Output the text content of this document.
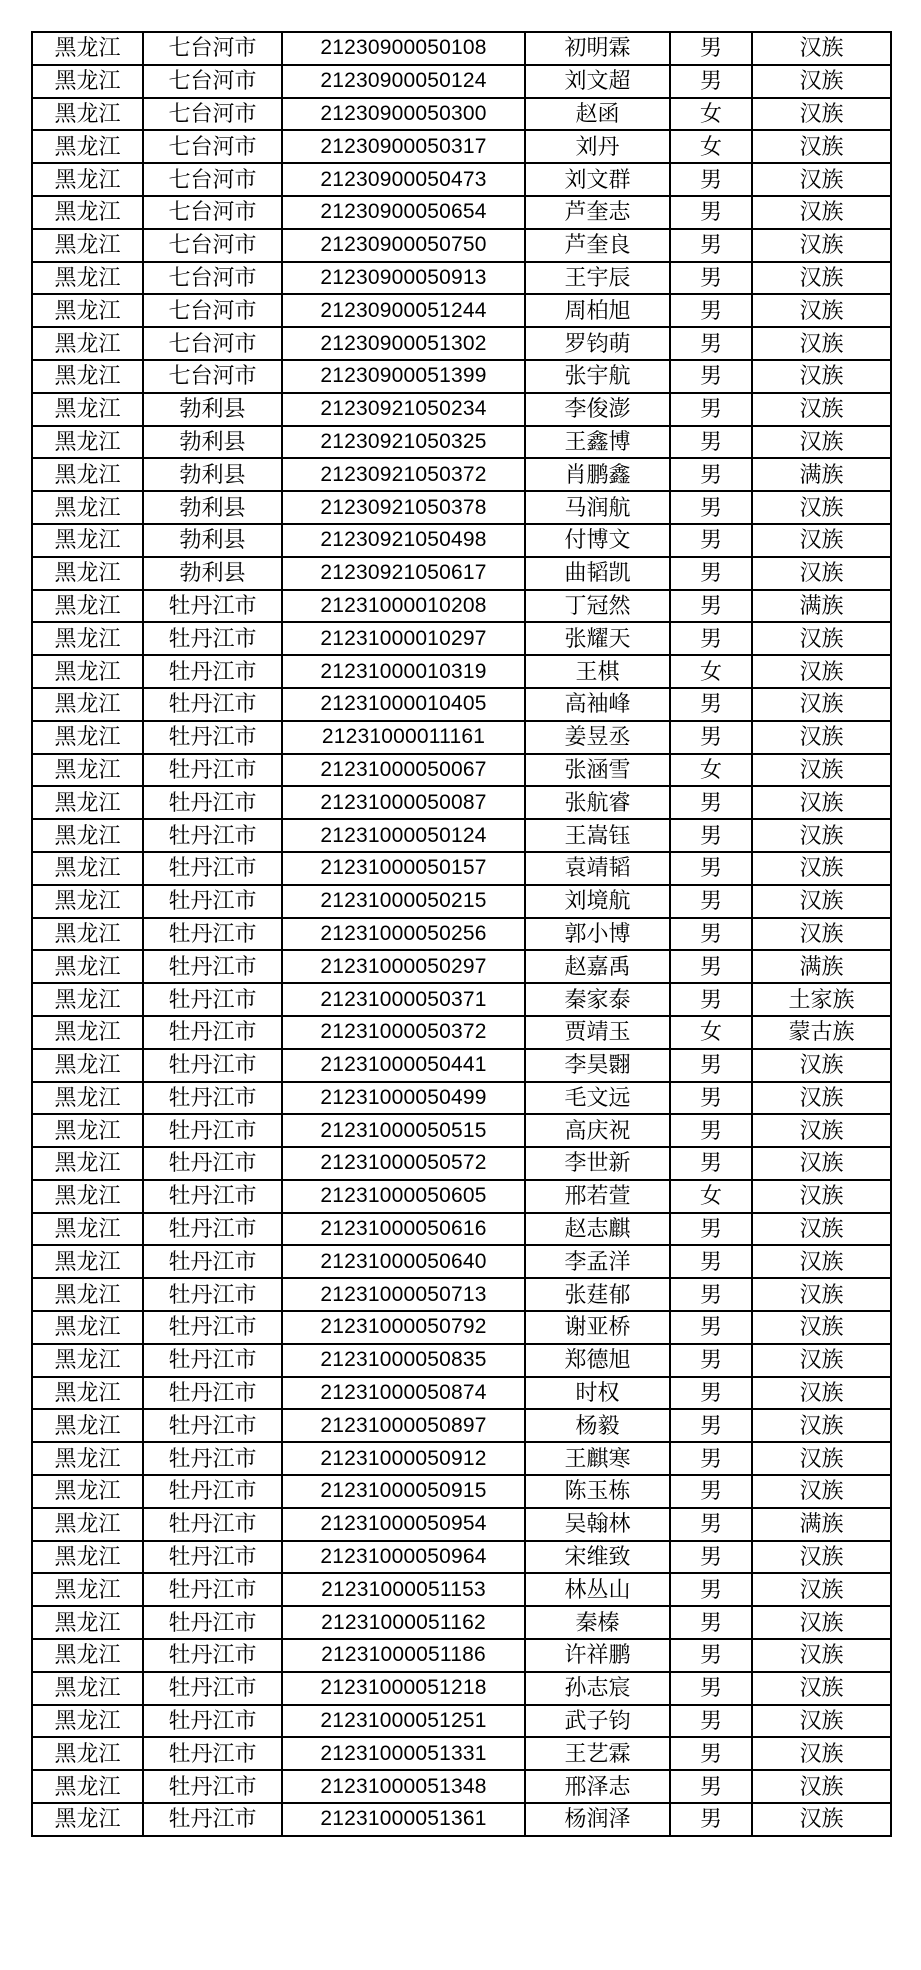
黑龙江	七台河市	21230900050108	初明霖	男	汉族
黑龙江	七台河市	21230900050124	刘文超	男	汉族
黑龙江	七台河市	21230900050300	赵函	女	汉族
黑龙江	七台河市	21230900050317	刘丹	女	汉族
黑龙江	七台河市	21230900050473	刘文群	男	汉族
黑龙江	七台河市	21230900050654	芦奎志	男	汉族
黑龙江	七台河市	21230900050750	芦奎良	男	汉族
黑龙江	七台河市	21230900050913	王宇辰	男	汉族
黑龙江	七台河市	21230900051244	周柏旭	男	汉族
黑龙江	七台河市	21230900051302	罗钧萌	男	汉族
黑龙江	七台河市	21230900051399	张宇航	男	汉族
黑龙江	勃利县	21230921050234	李俊澎	男	汉族
黑龙江	勃利县	21230921050325	王鑫博	男	汉族
黑龙江	勃利县	21230921050372	肖鹏鑫	男	满族
黑龙江	勃利县	21230921050378	马润航	男	汉族
黑龙江	勃利县	21230921050498	付博文	男	汉族
黑龙江	勃利县	21230921050617	曲韬凯	男	汉族
黑龙江	牡丹江市	21231000010208	丁冠然	男	满族
黑龙江	牡丹江市	21231000010297	张耀天	男	汉族
黑龙江	牡丹江市	21231000010319	王棋	女	汉族
黑龙江	牡丹江市	21231000010405	高袖峰	男	汉族
黑龙江	牡丹江市	21231000011161	姜昱丞	男	汉族
黑龙江	牡丹江市	21231000050067	张涵雪	女	汉族
黑龙江	牡丹江市	21231000050087	张航睿	男	汉族
黑龙江	牡丹江市	21231000050124	王嵩钰	男	汉族
黑龙江	牡丹江市	21231000050157	袁靖韬	男	汉族
黑龙江	牡丹江市	21231000050215	刘境航	男	汉族
黑龙江	牡丹江市	21231000050256	郭小博	男	汉族
黑龙江	牡丹江市	21231000050297	赵嘉禹	男	满族
黑龙江	牡丹江市	21231000050371	秦家泰	男	土家族
黑龙江	牡丹江市	21231000050372	贾靖玉	女	蒙古族
黑龙江	牡丹江市	21231000050441	李昊翾	男	汉族
黑龙江	牡丹江市	21231000050499	毛文远	男	汉族
黑龙江	牡丹江市	21231000050515	高庆祝	男	汉族
黑龙江	牡丹江市	21231000050572	李世新	男	汉族
黑龙江	牡丹江市	21231000050605	邢若萱	女	汉族
黑龙江	牡丹江市	21231000050616	赵志麒	男	汉族
黑龙江	牡丹江市	21231000050640	李孟洋	男	汉族
黑龙江	牡丹江市	21231000050713	张莛郁	男	汉族
黑龙江	牡丹江市	21231000050792	谢亚桥	男	汉族
黑龙江	牡丹江市	21231000050835	郑德旭	男	汉族
黑龙江	牡丹江市	21231000050874	时权	男	汉族
黑龙江	牡丹江市	21231000050897	杨毅	男	汉族
黑龙江	牡丹江市	21231000050912	王麒寒	男	汉族
黑龙江	牡丹江市	21231000050915	陈玉栋	男	汉族
黑龙江	牡丹江市	21231000050954	吴翰林	男	满族
黑龙江	牡丹江市	21231000050964	宋维致	男	汉族
黑龙江	牡丹江市	21231000051153	林丛山	男	汉族
黑龙江	牡丹江市	21231000051162	秦榛	男	汉族
黑龙江	牡丹江市	21231000051186	许祥鹏	男	汉族
黑龙江	牡丹江市	21231000051218	孙志宸	男	汉族
黑龙江	牡丹江市	21231000051251	武子钧	男	汉族
黑龙江	牡丹江市	21231000051331	王艺霖	男	汉族
黑龙江	牡丹江市	21231000051348	邢泽志	男	汉族
黑龙江	牡丹江市	21231000051361	杨润泽	男	汉族
